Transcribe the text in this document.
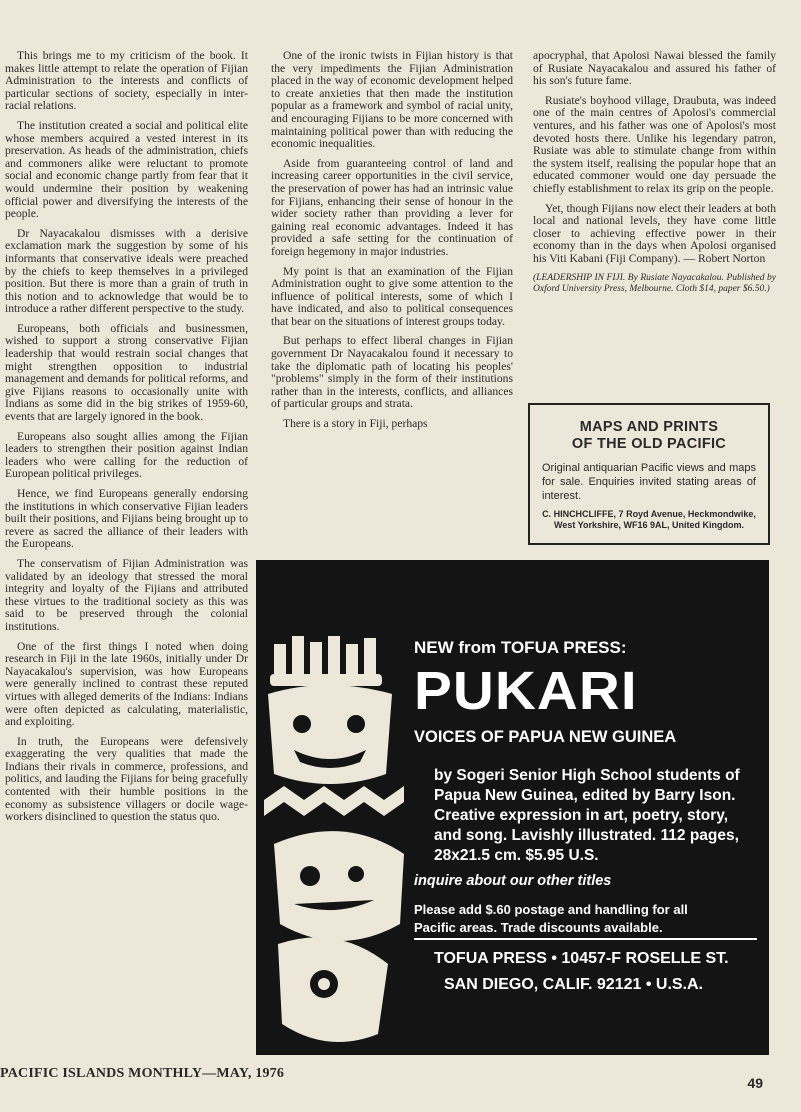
This brings me to my criticism of the book. It makes little attempt to relate the operation of Fijian Administration to the interests and conflicts of particular sections of society, especially in inter-racial relations.

The institution created a social and political elite whose members acquired a vested interest in its preservation. As heads of the administration, chiefs and commoners alike were reluctant to promote social and economic change partly from fear that it would undermine their position by weakening official power and diversifying the interests of the people.

Dr Nayacakalou dismisses with a derisive exclamation mark the suggestion by some of his informants that conservative ideals were preached by the chiefs to keep themselves in a privileged position. But there is more than a grain of truth in this notion and to acknowledge that would be to introduce a rather different perspective to the study.

Europeans, both officials and businessmen, wished to support a strong conservative Fijian leadership that would restrain social changes that might strengthen opposition to industrial management and demands for political reforms, and give Fijians reasons to occasionally unite with Indians as some did in the big strikes of 1959-60, events that are largely ignored in the book.

Europeans also sought allies among the Fijian leaders to strengthen their position against Indian leaders who were calling for the reduction of European political privileges.

Hence, we find Europeans generally endorsing the institutions in which conservative Fijian leaders built their positions, and Fijians being brought up to revere as sacred the alliance of their leaders with the Europeans.

The conservatism of Fijian Administration was validated by an ideology that stressed the moral integrity and loyalty of the Fijians and attributed these virtues to the traditional society as this was said to be preserved through the colonial institutions.

One of the first things I noted when doing research in Fiji in the late 1960s, initially under Dr Nayacakalou's supervision, was how Europeans were generally inclined to contrast these reputed virtues with alleged demerits of the Indians: Indians were often depicted as calculating, materialistic, and exploiting.

In truth, the Europeans were defensively exaggerating the very qualities that made the Indians their rivals in commerce, professions, and politics, and lauding the Fijians for being gracefully contented with their humble positions in the economy as subsistence villagers or docile wage-workers disinclined to question the status quo.

One of the ironic twists in Fijian history is that the very impediments the Fijian Administration placed in the way of economic development helped to create anxieties that then made the institution popular as a framework and symbol of racial unity, and encouraging Fijians to be more concerned with maintaining political power than with reducing the economic inequalities.

Aside from guaranteeing control of land and increasing career opportunities in the civil service, the preservation of power has had an intrinsic value for Fijians, enhancing their sense of honour in the wider society rather than providing a lever for gaining real economic advantages. Indeed it has provided a safe setting for the continuation of foreign hegemony in major industries.

My point is that an examination of the Fijian Administration ought to give some attention to the influence of political interests, some of which I have indicated, and also to political consequences that bear on the situations of interest groups today.

But perhaps to effect liberal changes in Fijian government Dr Nayacakalou found it necessary to take the diplomatic path of locating his peoples' "problems" simply in the form of their institutions rather than in the interests, conflicts, and alliances of particular groups and strata.

There is a story in Fiji, perhaps

apocryphal, that Apolosi Nawai blessed the family of Rusiate Nayacakalou and assured his father of his son's future fame.

Rusiate's boyhood village, Draubuta, was indeed one of the main centres of Apolosi's commercial ventures, and his father was one of Apolosi's most devoted hosts there. Unlike his legendary patron, Rusiate was able to stimulate change from within the system itself, realising the popular hope that an educated commoner would one day persuade the chiefly establishment to relax its grip on the people.

Yet, though Fijians now elect their leaders at both local and national levels, they have come little closer to achieving effective power in their economy than in the days when Apolosi organised his Viti Kabani (Fiji Company). — Robert Norton

(LEADERSHIP IN FIJI. By Rusiate Nayacakalou. Published by Oxford University Press, Melbourne. Cloth $14, paper $6.50.)

MAPS AND PRINTS
OF THE OLD PACIFIC
Original antiquarian Pacific views and maps for sale. Enquiries invited stating areas of interest.
C. HINCHCLIFFE, 7 Royd Avenue, Heckmondwike, West Yorkshire, WF16 9AL, United Kingdom.
NEW from TOFUA PRESS:
PUKARI
VOICES OF PAPUA NEW GUINEA
by Sogeri Senior High School students of Papua New Guinea, edited by Barry Ison. Creative expression in art, poetry, story, and song. Lavishly illustrated. 112 pages, 28x21.5 cm. $5.95 U.S.
inquire about our other titles
Please add $.60 postage and handling for all
Pacific areas. Trade discounts available.
TOFUA PRESS • 10457-F ROSELLE ST.
SAN DIEGO, CALIF. 92121 • U.S.A.
PACIFIC ISLANDS MONTHLY—MAY, 1976
49
